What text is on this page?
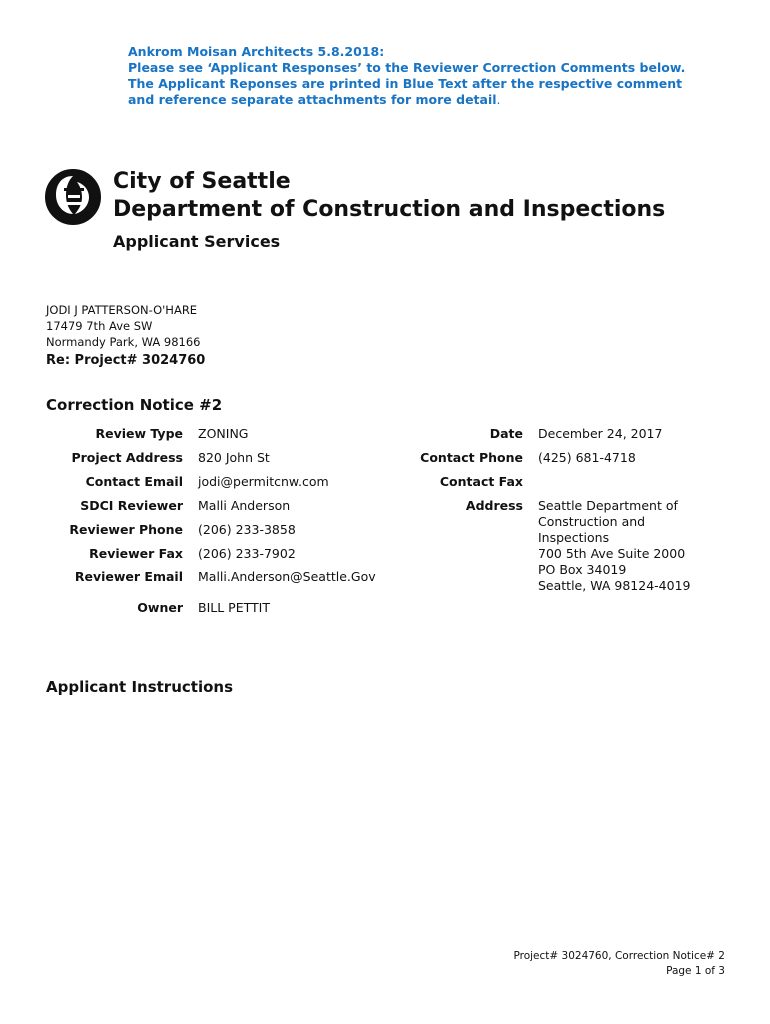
Ankrom Moisan Architects 5.8.2018:
Please see ‘Applicant Responses’ to the Reviewer Correction Comments below.
The Applicant Reponses are printed in Blue Text after the respective comment
and reference separate attachments for more detail.
City of Seattle
Department of Construction and Inspections
Applicant Services
JODI J PATTERSON-O'HARE
17479 7th Ave SW
Normandy Park, WA 98166
Re: Project# 3024760
Correction Notice #2
Review Type ZONING
Project Address 820 John St
Contact Email jodi@permitcnw.com
SDCI Reviewer Malli Anderson
Reviewer Phone (206) 233-3858
Reviewer Fax (206) 233-7902
Reviewer Email Malli.Anderson@Seattle.Gov
Owner BILL PETTIT
Date December 24, 2017
Contact Phone (425) 681-4718
Contact Fax
Address Seattle Department of
Construction and
Inspections
700 5th Ave Suite 2000
PO Box 34019
Seattle, WA 98124-4019
Applicant Instructions
Project# 3024760, Correction Notice# 2
Page 1 of 3
